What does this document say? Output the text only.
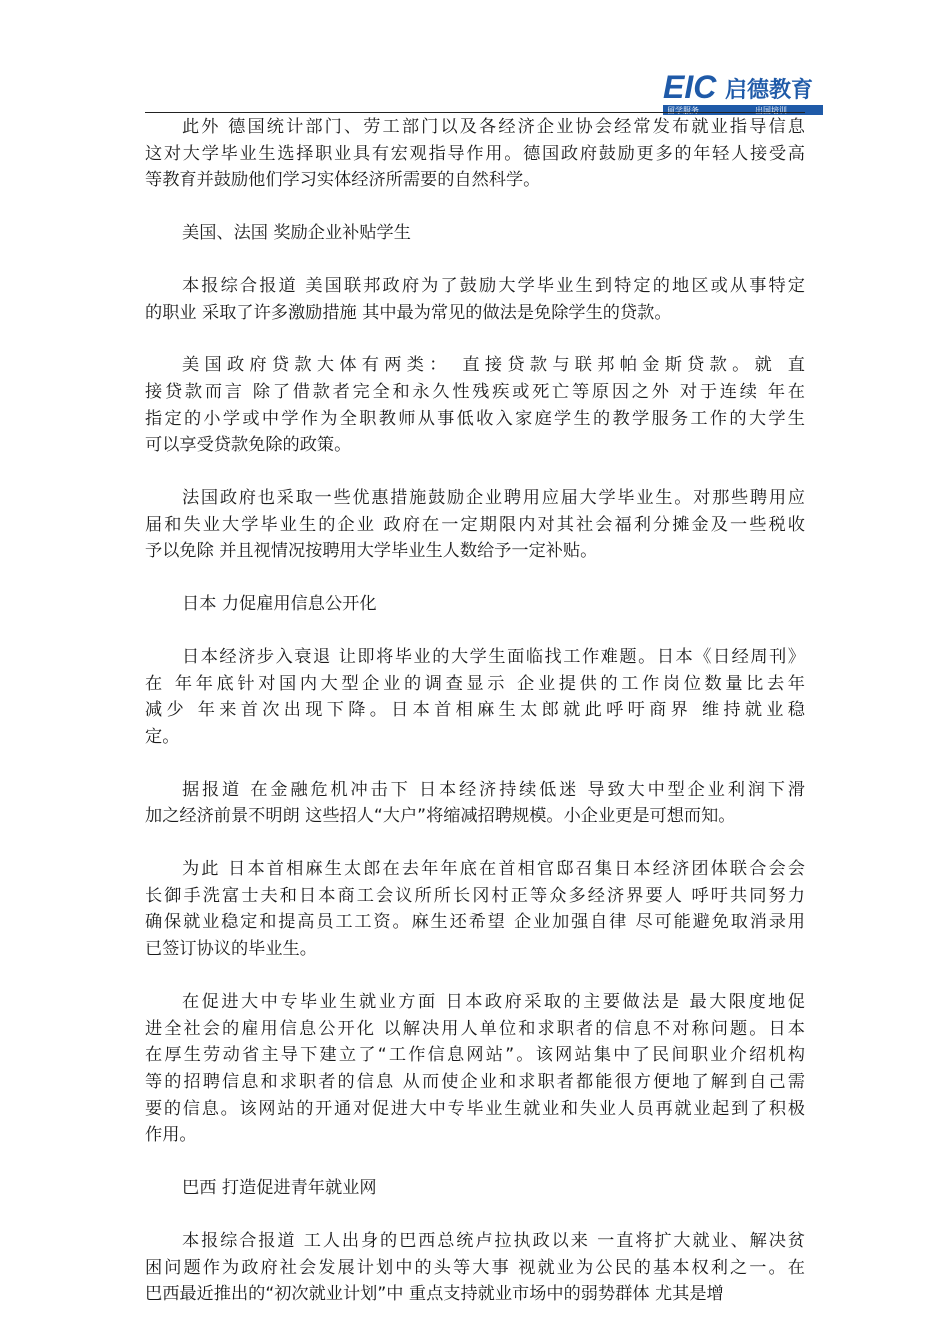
EIC 启德教育
留学服务	出国培训

此外 德国统计部门、劳工部门以及各经济企业协会经常发布就业指导信息
这对大学毕业生选择职业具有宏观指导作用。德国政府鼓励更多的年轻人接受高
等教育并鼓励他们学习实体经济所需要的自然科学。

美国、法国 奖励企业补贴学生

本报综合报道 美国联邦政府为了鼓励大学毕业生到特定的地区或从事特定
的职业 采取了许多激励措施 其中最为常见的做法是免除学生的贷款。

美国政府贷款大体有两类： 直接贷款与联邦帕金斯贷款。就 直
接贷款而言 除了借款者完全和永久性残疾或死亡等原因之外 对于连续 年在
指定的小学或中学作为全职教师从事低收入家庭学生的教学服务工作的大学生
可以享受贷款免除的政策。

法国政府也采取一些优惠措施鼓励企业聘用应届大学毕业生。对那些聘用应
届和失业大学毕业生的企业 政府在一定期限内对其社会福利分摊金及一些税收
予以免除 并且视情况按聘用大学毕业生人数给予一定补贴。

日本 力促雇用信息公开化

日本经济步入衰退 让即将毕业的大学生面临找工作难题。日本《日经周刊》
在 年年底针对国内大型企业的调查显示 企业提供的工作岗位数量比去年
减少 年来首次出现下降。日本首相麻生太郎就此呼吁商界 维持就业稳
定。

据报道 在金融危机冲击下 日本经济持续低迷 导致大中型企业利润下滑
加之经济前景不明朗 这些招人“大户”将缩减招聘规模。小企业更是可想而知。

为此 日本首相麻生太郎在去年年底在首相官邸召集日本经济团体联合会会
长御手洗富士夫和日本商工会议所所长冈村正等众多经济界要人 呼吁共同努力
确保就业稳定和提高员工工资。麻生还希望 企业加强自律 尽可能避免取消录用
已签订协议的毕业生。

在促进大中专毕业生就业方面 日本政府采取的主要做法是 最大限度地促
进全社会的雇用信息公开化 以解决用人单位和求职者的信息不对称问题。日本
在厚生劳动省主导下建立了“工作信息网站”。该网站集中了民间职业介绍机构
等的招聘信息和求职者的信息 从而使企业和求职者都能很方便地了解到自己需
要的信息。该网站的开通对促进大中专毕业生就业和失业人员再就业起到了积极
作用。

巴西 打造促进青年就业网

本报综合报道 工人出身的巴西总统卢拉执政以来 一直将扩大就业、解决贫
困问题作为政府社会发展计划中的头等大事 视就业为公民的基本权利之一。在
巴西最近推出的“初次就业计划”中 重点支持就业市场中的弱势群体 尤其是增
